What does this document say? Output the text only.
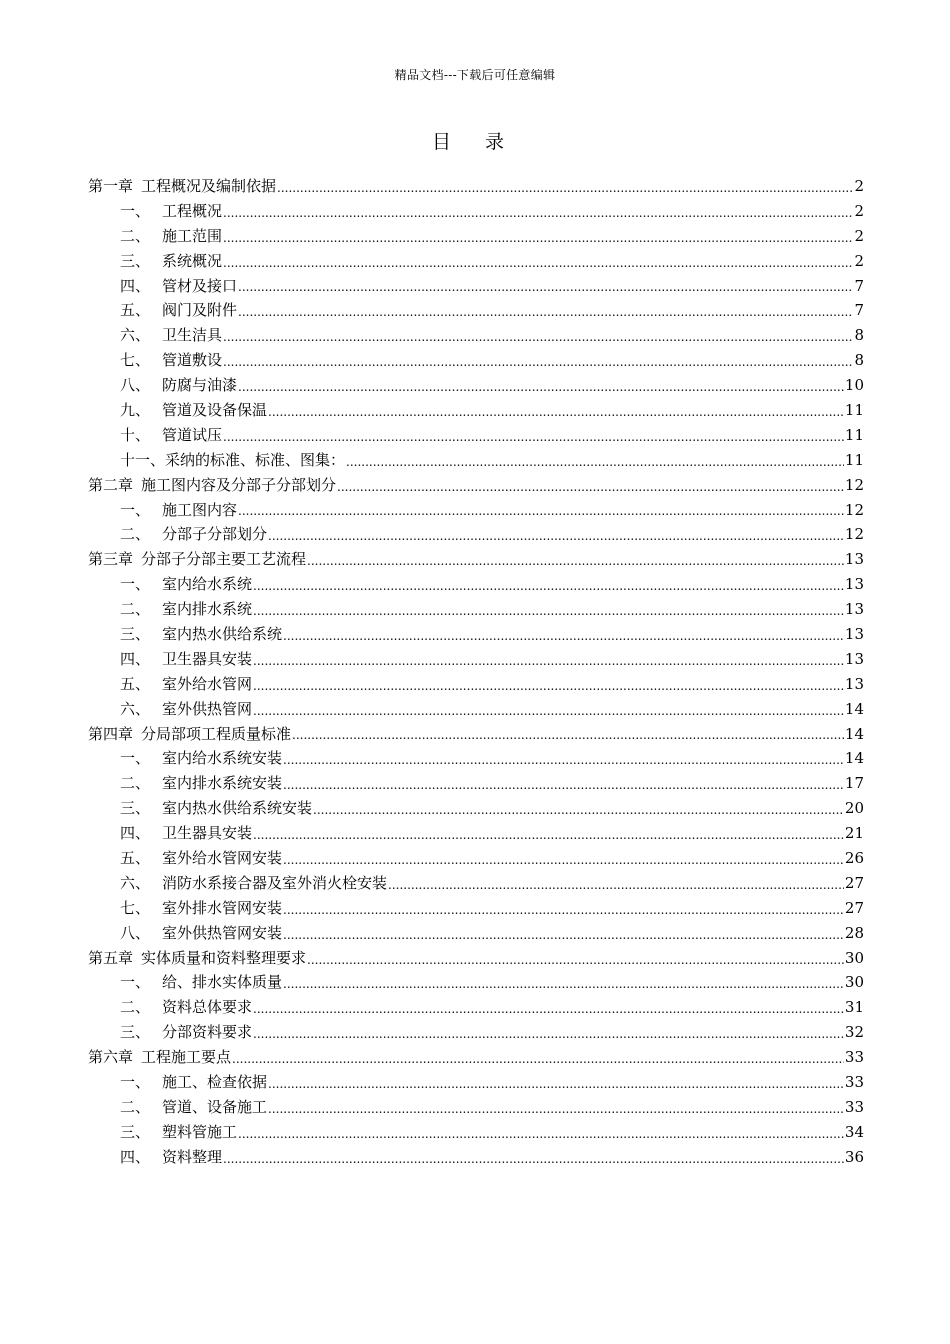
精品文档---下载后可任意编辑
目 录
第一章 工程概况及编制依据 .....	2
一、 工程概况 .....	2
二、 施工范围 .....	2
三、 系统概况 .....	2
四、 管材及接口 .....	7
五、 阀门及附件 .....	7
六、 卫生洁具 .....	8
七、 管道敷设 .....	8
八、 防腐与油漆 .....	10
九、 管道及设备保温 .....	11
十、 管道试压 .....	11
十一、 采纳的标准、标准、图集： .....	11
第二章 施工图内容及分部子分部划分 .....	12
一、 施工图内容 .....	12
二、 分部子分部划分 .....	12
第三章 分部子分部主要工艺流程 .....	13
一、 室内给水系统 .....	13
二、 室内排水系统 .....	13
三、 室内热水供给系统 .....	13
四、 卫生器具安装 .....	13
五、 室外给水管网 .....	13
六、 室外供热管网 .....	14
第四章 分局部项工程质量标准 .....	14
一、 室内给水系统安装 .....	14
二、 室内排水系统安装 .....	17
三、 室内热水供给系统安装 .....	20
四、 卫生器具安装 .....	21
五、 室外给水管网安装 .....	26
六、 消防水系接合器及室外消火栓安装 .....	27
七、 室外排水管网安装 .....	27
八、 室外供热管网安装 .....	28
第五章 实体质量和资料整理要求 .....	30
一、 给、排水实体质量 .....	30
二、 资料总体要求 .....	31
三、 分部资料要求 .....	32
第六章 工程施工要点 .....	33
一、 施工、检查依据 .....	33
二、 管道、设备施工 .....	33
三、 塑料管施工 .....	34
四、 资料整理 .....	36
